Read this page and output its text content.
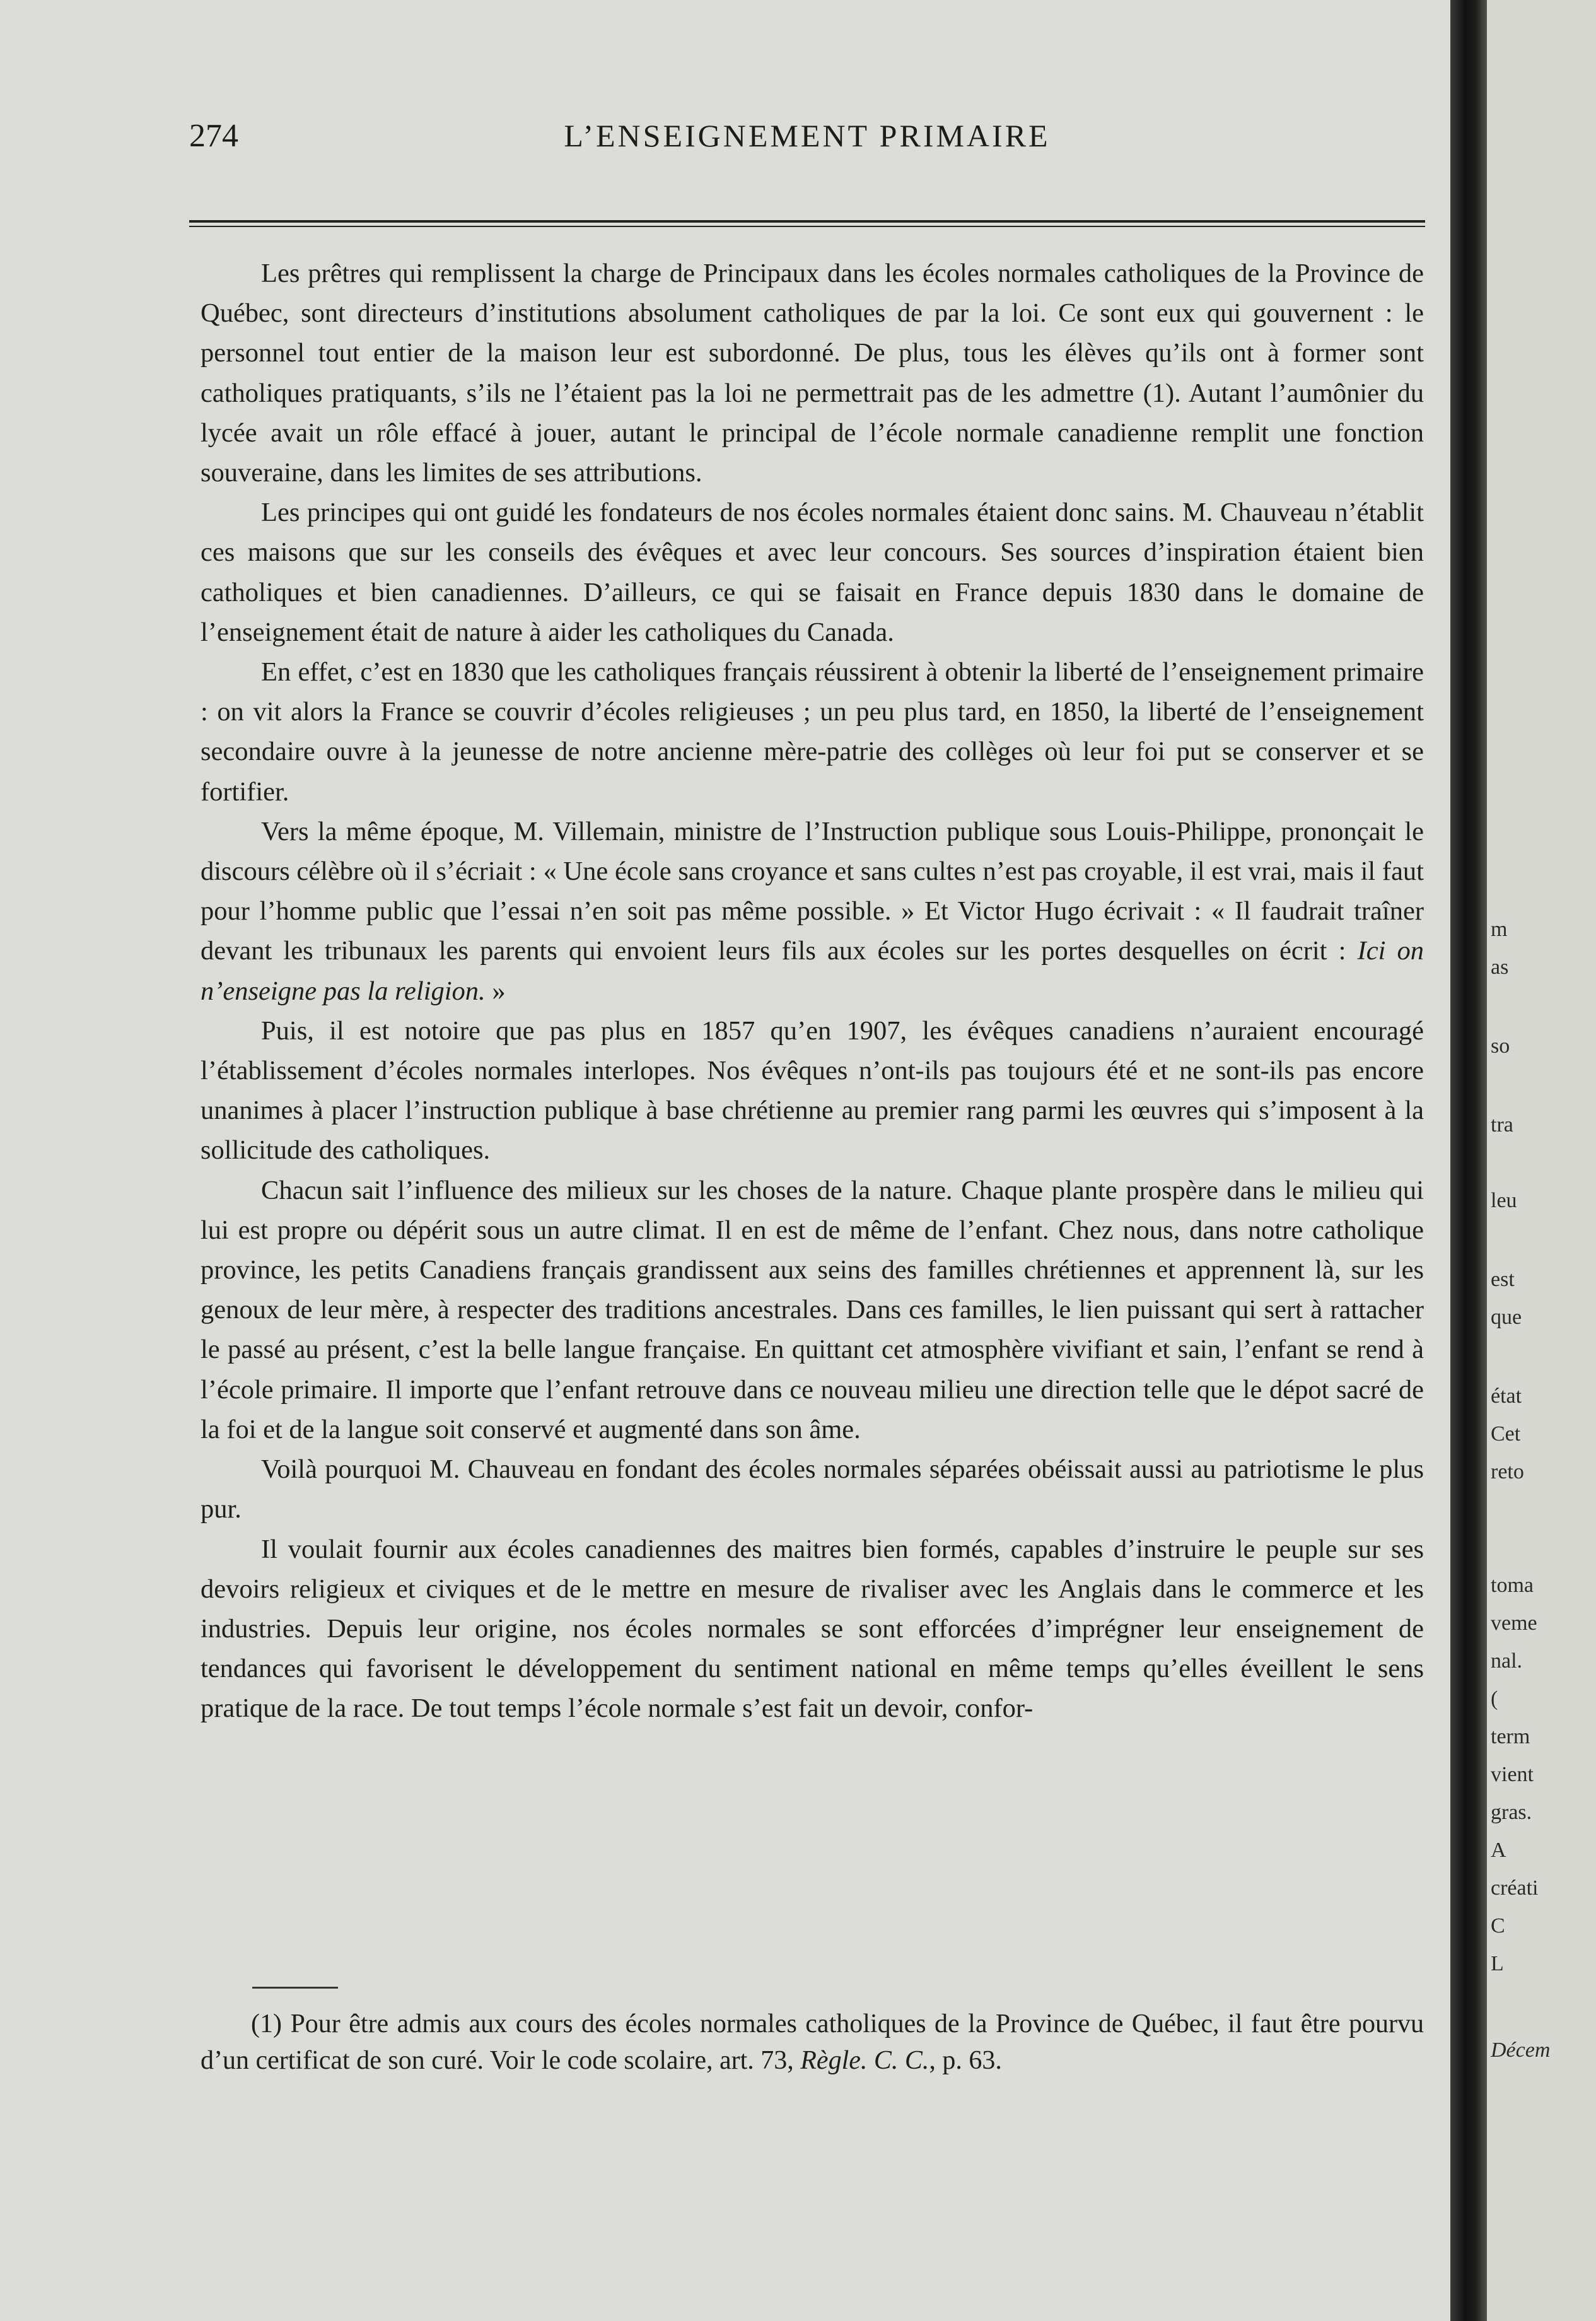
274	L’ENSEIGNEMENT PRIMAIRE

Les prêtres qui remplissent la charge de Principaux dans les écoles normales catholiques de la Province de Québec, sont directeurs d’institutions absolument catholiques de par la loi. Ce sont eux qui gouvernent : le personnel tout entier de la maison leur est subordonné. De plus, tous les élèves qu’ils ont à former sont catholiques pratiquants, s’ils ne l’étaient pas la loi ne permettrait pas de les admettre (1). Autant l’aumônier du lycée avait un rôle effacé à jouer, autant le principal de l’école normale canadienne remplit une fonction souveraine, dans les limites de ses attributions.

Les principes qui ont guidé les fondateurs de nos écoles normales étaient donc sains. M. Chauveau n’établit ces maisons que sur les conseils des évêques et avec leur concours. Ses sources d’inspiration étaient bien catholiques et bien canadiennes. D’ailleurs, ce qui se faisait en France depuis 1830 dans le domaine de l’enseignement était de nature à aider les catholiques du Canada.

En effet, c’est en 1830 que les catholiques français réussirent à obtenir la liberté de l’enseignement primaire : on vit alors la France se couvrir d’écoles religieuses ; un peu plus tard, en 1850, la liberté de l’enseignement secondaire ouvre à la jeunesse de notre ancienne mère-patrie des collèges où leur foi put se conserver et se fortifier.

Vers la même époque, M. Villemain, ministre de l’Instruction publique sous Louis-Philippe, prononçait le discours célèbre où il s’écriait : « Une école sans croyance et sans cultes n’est pas croyable, il est vrai, mais il faut pour l’homme public que l’essai n’en soit pas même possible. » Et Victor Hugo écrivait : « Il faudrait traîner devant les tribunaux les parents qui envoient leurs fils aux écoles sur les portes desquelles on écrit : Ici on n’enseigne pas la religion. »

Puis, il est notoire que pas plus en 1857 qu’en 1907, les évêques canadiens n’auraient encouragé l’établissement d’écoles normales interlopes. Nos évêques n’ont-ils pas toujours été et ne sont-ils pas encore unanimes à placer l’instruction publique à base chrétienne au premier rang parmi les œuvres qui s’imposent à la sollicitude des catholiques.

Chacun sait l’influence des milieux sur les choses de la nature. Chaque plante prospère dans le milieu qui lui est propre ou dépérit sous un autre climat. Il en est de même de l’enfant. Chez nous, dans notre catholique province, les petits Canadiens français grandissent aux seins des familles chrétiennes et apprennent là, sur les genoux de leur mère, à respecter des traditions ancestrales. Dans ces familles, le lien puissant qui sert à rattacher le passé au présent, c’est la belle langue française. En quittant cet atmosphère vivifiant et sain, l’enfant se rend à l’école primaire. Il importe que l’enfant retrouve dans ce nouveau milieu une direction telle que le dépot sacré de la foi et de la langue soit conservé et augmenté dans son âme.

Voilà pourquoi M. Chauveau en fondant des écoles normales séparées obéissait aussi au patriotisme le plus pur.

Il voulait fournir aux écoles canadiennes des maitres bien formés, capables d’instruire le peuple sur ses devoirs religieux et civiques et de le mettre en mesure de rivaliser avec les Anglais dans le commerce et les industries. Depuis leur origine, nos écoles normales se sont efforcées d’imprégner leur enseignement de tendances qui favorisent le développement du sentiment national en même temps qu’elles éveillent le sens pratique de la race. De tout temps l’école normale s’est fait un devoir, confor-

(1) Pour être admis aux cours des écoles normales catholiques de la Province de Québec, il faut être pourvu d’un certificat de son curé. Voir le code scolaire, art. 73, Règle. C. C., p. 63.

m
as
so
tra
leu
est
que
état
Cet
reto
toma
veme
nal.
(
term
vient
gras.
A
créati
C
L
Décem
